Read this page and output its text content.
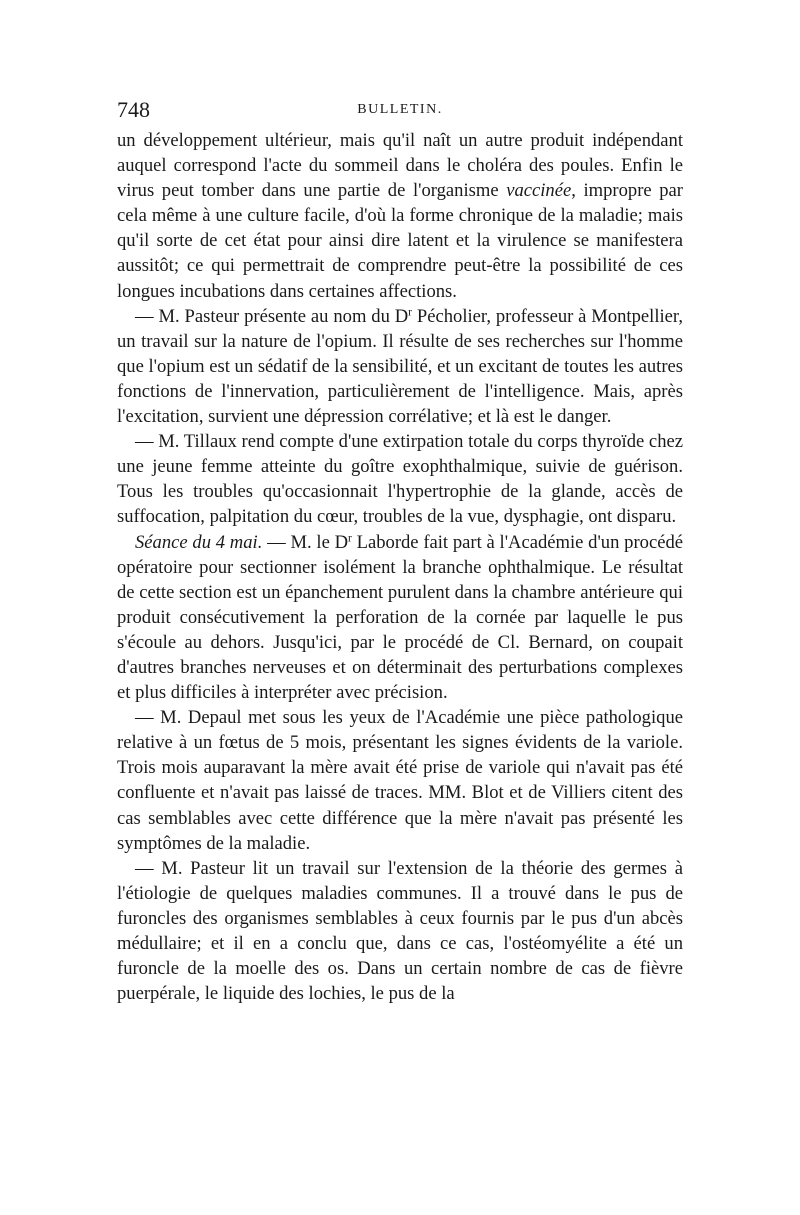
748	BULLETIN.

un développement ultérieur, mais qu'il naît un autre produit indépendant auquel correspond l'acte du sommeil dans le choléra des poules. Enfin le virus peut tomber dans une partie de l'organisme vaccinée, impropre par cela même à une culture facile, d'où la forme chronique de la maladie; mais qu'il sorte de cet état pour ainsi dire latent et la virulence se manifestera aussitôt; ce qui permettrait de comprendre peut-être la possibilité de ces longues incubations dans certaines affections.

— M. Pasteur présente au nom du $D^r$ Pécholier, professeur à Montpellier, un travail sur la nature de l'opium. Il résulte de ses recherches sur l'homme que l'opium est un sédatif de la sensibilité, et un excitant de toutes les autres fonctions de l'innervation, particulièrement de l'intelligence. Mais, après l'excitation, survient une dépression corrélative; et là est le danger.

— M. Tillaux rend compte d'une extirpation totale du corps thyroïde chez une jeune femme atteinte du goître exophthalmique, suivie de guérison. Tous les troubles qu'occasionnait l'hypertrophie de la glande, accès de suffocation, palpitation du cœur, troubles de la vue, dysphagie, ont disparu.

Séance du 4 mai. — M. le $D^r$ Laborde fait part à l'Académie d'un procédé opératoire pour sectionner isolément la branche ophthalmique. Le résultat de cette section est un épanchement purulent dans la chambre antérieure qui produit consécutivement la perforation de la cornée par laquelle le pus s'écoule au dehors. Jusqu'ici, par le procédé de Cl. Bernard, on coupait d'autres branches nerveuses et on déterminait des perturbations complexes et plus difficiles à interpréter avec précision.

— M. Depaul met sous les yeux de l'Académie une pièce pathologique relative à un fœtus de 5 mois, présentant les signes évidents de la variole. Trois mois auparavant la mère avait été prise de variole qui n'avait pas été confluente et n'avait pas laissé de traces. MM. Blot et de Villiers citent des cas semblables avec cette différence que la mère n'avait pas présenté les symptômes de la maladie.

— M. Pasteur lit un travail sur l'extension de la théorie des germes à l'étiologie de quelques maladies communes. Il a trouvé dans le pus de furoncles des organismes semblables à ceux fournis par le pus d'un abcès médullaire; et il en a conclu que, dans ce cas, l'ostéomyélite a été un furoncle de la moelle des os. Dans un certain nombre de cas de fièvre puerpérale, le liquide des lochies, le pus de la
